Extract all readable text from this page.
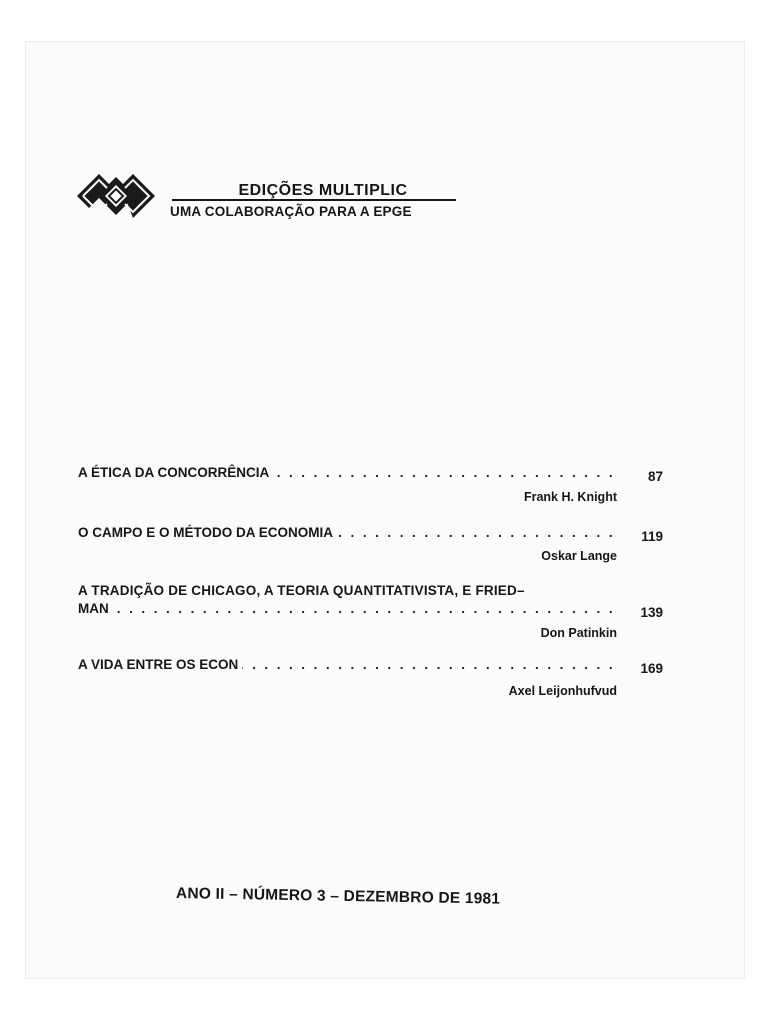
EDIÇÕES MULTIPLIC
UMA COLABORAÇÃO PARA A EPGE
A ÉTICA DA CONCORRÊNCIA . . .	87
Frank H. Knight
O CAMPO E O MÉTODO DA ECONOMIA . . .	119
Oskar Lange
A TRADIÇÃO DE CHICAGO, A TEORIA QUANTITATIVISTA, E FRIED–
MAN . . .	139
Don Patinkin
A VIDA ENTRE OS ECON . . .	169
Axel Leijonhufvud
ANO II – NÚMERO 3 – DEZEMBRO DE 1981
